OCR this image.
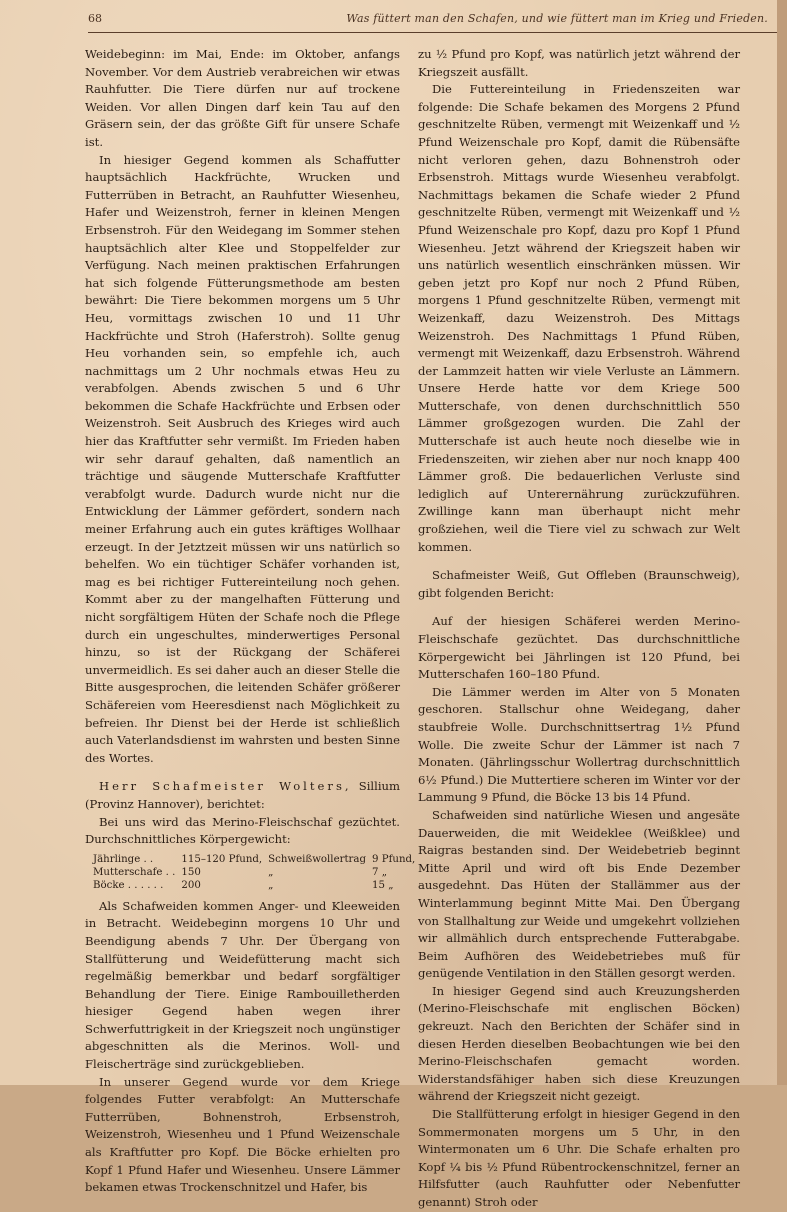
68	Was füttert man den Schafen, und wie füttert man im Krieg und Frieden.

Weidebeginn: im Mai, Ende: im Oktober, anfangs November. Vor dem Austrieb verabreichen wir etwas Rauhfutter. Die Tiere dürfen nur auf trockene Weiden. Vor allen Dingen darf kein Tau auf den Gräsern sein, der das größte Gift für unsere Schafe ist.

In hiesiger Gegend kommen als Schaffutter hauptsächlich Hackfrüchte, Wrucken und Futterrüben in Betracht, an Rauhfutter Wiesenheu, Hafer und Weizenstroh, ferner in kleinen Mengen Erbsenstroh. Für den Weidegang im Sommer stehen hauptsächlich alter Klee und Stoppelfelder zur Verfügung. Nach meinen praktischen Erfahrungen hat sich folgende Fütterungsmethode am besten bewährt: Die Tiere bekommen morgens um 5 Uhr Heu, vormittags zwischen 10 und 11 Uhr Hackfrüchte und Stroh (Haferstroh). Sollte genug Heu vorhanden sein, so empfehle ich, auch nachmittags um 2 Uhr nochmals etwas Heu zu verabfolgen. Abends zwischen 5 und 6 Uhr bekommen die Schafe Hackfrüchte und Erbsen oder Weizenstroh. Seit Ausbruch des Krieges wird auch hier das Kraftfutter sehr vermißt. Im Frieden haben wir sehr darauf gehalten, daß namentlich an trächtige und säugende Mutterschafe Kraftfutter verabfolgt wurde. Dadurch wurde nicht nur die Entwicklung der Lämmer gefördert, sondern nach meiner Erfahrung auch ein gutes kräftiges Wollhaar erzeugt. In der Jetztzeit müssen wir uns natürlich so behelfen. Wo ein tüchtiger Schäfer vorhanden ist, mag es bei richtiger Futtereinteilung noch gehen. Kommt aber zu der mangelhaften Fütterung und nicht sorgfältigem Hüten der Schafe noch die Pflege durch ein ungeschultes, minderwertiges Personal hinzu, so ist der Rückgang der Schäferei unvermeidlich. Es sei daher auch an dieser Stelle die Bitte ausgesprochen, die leitenden Schäfer größerer Schäfereien vom Heeresdienst nach Möglichkeit zu befreien. Ihr Dienst bei der Herde ist schließlich auch Vaterlandsdienst im wahrsten und besten Sinne des Wortes.

Herr Schafmeister Wolters, Sillium (Provinz Hannover), berichtet:

Bei uns wird das Merino-Fleischschaf gezüchtet. Durchschnittliches Körpergewicht:

Jährlinge . .	115–120 Pfund,	Schweißwollertrag	9 Pfund,
Mutterschafe . .	150	„	7 „
Böcke . . . . . .	200	„	15 „

Als Schafweiden kommen Anger- und Kleeweiden in Betracht. Weidebeginn morgens 10 Uhr und Beendigung abends 7 Uhr. Der Übergang von Stallfütterung und Weidefütterung macht sich regelmäßig bemerkbar und bedarf sorgfältiger Behandlung der Tiere. Einige Rambouilletherden hiesiger Gegend haben wegen ihrer Schwerfuttrigkeit in der Kriegszeit noch ungünstiger abgeschnitten als die Merinos. Woll- und Fleischerträge sind zurückgeblieben.

In unserer Gegend wurde vor dem Kriege folgendes Futter verabfolgt: An Mutterschafe Futterrüben, Bohnenstroh, Erbsenstroh, Weizenstroh, Wiesenheu und 1 Pfund Weizenschale als Kraftfutter pro Kopf. Die Böcke erhielten pro Kopf 1 Pfund Hafer und Wiesenheu. Unsere Lämmer bekamen etwas Trockenschnitzel und Hafer, bis

zu ½ Pfund pro Kopf, was natürlich jetzt während der Kriegszeit ausfällt.

Die Futtereinteilung in Friedenszeiten war folgende: Die Schafe bekamen des Morgens 2 Pfund geschnitzelte Rüben, vermengt mit Weizenkaff und ½ Pfund Weizenschale pro Kopf, damit die Rübensäfte nicht verloren gehen, dazu Bohnenstroh oder Erbsenstroh. Mittags wurde Wiesenheu verabfolgt. Nachmittags bekamen die Schafe wieder 2 Pfund geschnitzelte Rüben, vermengt mit Weizenkaff und ½ Pfund Weizenschale pro Kopf, dazu pro Kopf 1 Pfund Wiesenheu. Jetzt während der Kriegszeit haben wir uns natürlich wesentlich einschränken müssen. Wir geben jetzt pro Kopf nur noch 2 Pfund Rüben, morgens 1 Pfund geschnitzelte Rüben, vermengt mit Weizenkaff, dazu Weizenstroh. Des Mittags Weizenstroh. Des Nachmittags 1 Pfund Rüben, vermengt mit Weizenkaff, dazu Erbsenstroh. Während der Lammzeit hatten wir viele Verluste an Lämmern. Unsere Herde hatte vor dem Kriege 500 Mutterschafe, von denen durchschnittlich 550 Lämmer großgezogen wurden. Die Zahl der Mutterschafe ist auch heute noch dieselbe wie in Friedenszeiten, wir ziehen aber nur noch knapp 400 Lämmer groß. Die bedauerlichen Verluste sind lediglich auf Unterernährung zurückzuführen. Zwillinge kann man überhaupt nicht mehr großziehen, weil die Tiere viel zu schwach zur Welt kommen.

Schafmeister Weiß, Gut Offleben (Braunschweig), gibt folgenden Bericht:

Auf der hiesigen Schäferei werden Merino-Fleischschafe gezüchtet. Das durchschnittliche Körpergewicht bei Jährlingen ist 120 Pfund, bei Mutterschafen 160–180 Pfund.

Die Lämmer werden im Alter von 5 Monaten geschoren. Stallschur ohne Weidegang, daher staubfreie Wolle. Durchschnittsertrag 1½ Pfund Wolle. Die zweite Schur der Lämmer ist nach 7 Monaten. (Jährlingsschur Wollertrag durchschnittlich 6½ Pfund.) Die Muttertiere scheren im Winter vor der Lammung 9 Pfund, die Böcke 13 bis 14 Pfund.

Schafweiden sind natürliche Wiesen und angesäte Dauerweiden, die mit Weideklee (Weißklee) und Raigras bestanden sind. Der Weidebetrieb beginnt Mitte April und wird oft bis Ende Dezember ausgedehnt. Das Hüten der Stallämmer aus der Winterlammung beginnt Mitte Mai. Den Übergang von Stallhaltung zur Weide und umgekehrt vollziehen wir allmählich durch entsprechende Futterabgabe. Beim Aufhören des Weidebetriebes muß für genügende Ventilation in den Ställen gesorgt werden.

In hiesiger Gegend sind auch Kreuzungsherden (Merino-Fleischschafe mit englischen Böcken) gekreuzt. Nach den Berichten der Schäfer sind in diesen Herden dieselben Beobachtungen wie bei den Merino-Fleischschafen gemacht worden. Widerstandsfähiger haben sich diese Kreuzungen während der Kriegszeit nicht gezeigt.

Die Stallfütterung erfolgt in hiesiger Gegend in den Sommermonaten morgens um 5 Uhr, in den Wintermonaten um 6 Uhr. Die Schafe erhalten pro Kopf ¼ bis ½ Pfund Rübentrockenschnitzel, ferner an Hilfsfutter (auch Rauhfutter oder Nebenfutter genannt) Stroh oder
